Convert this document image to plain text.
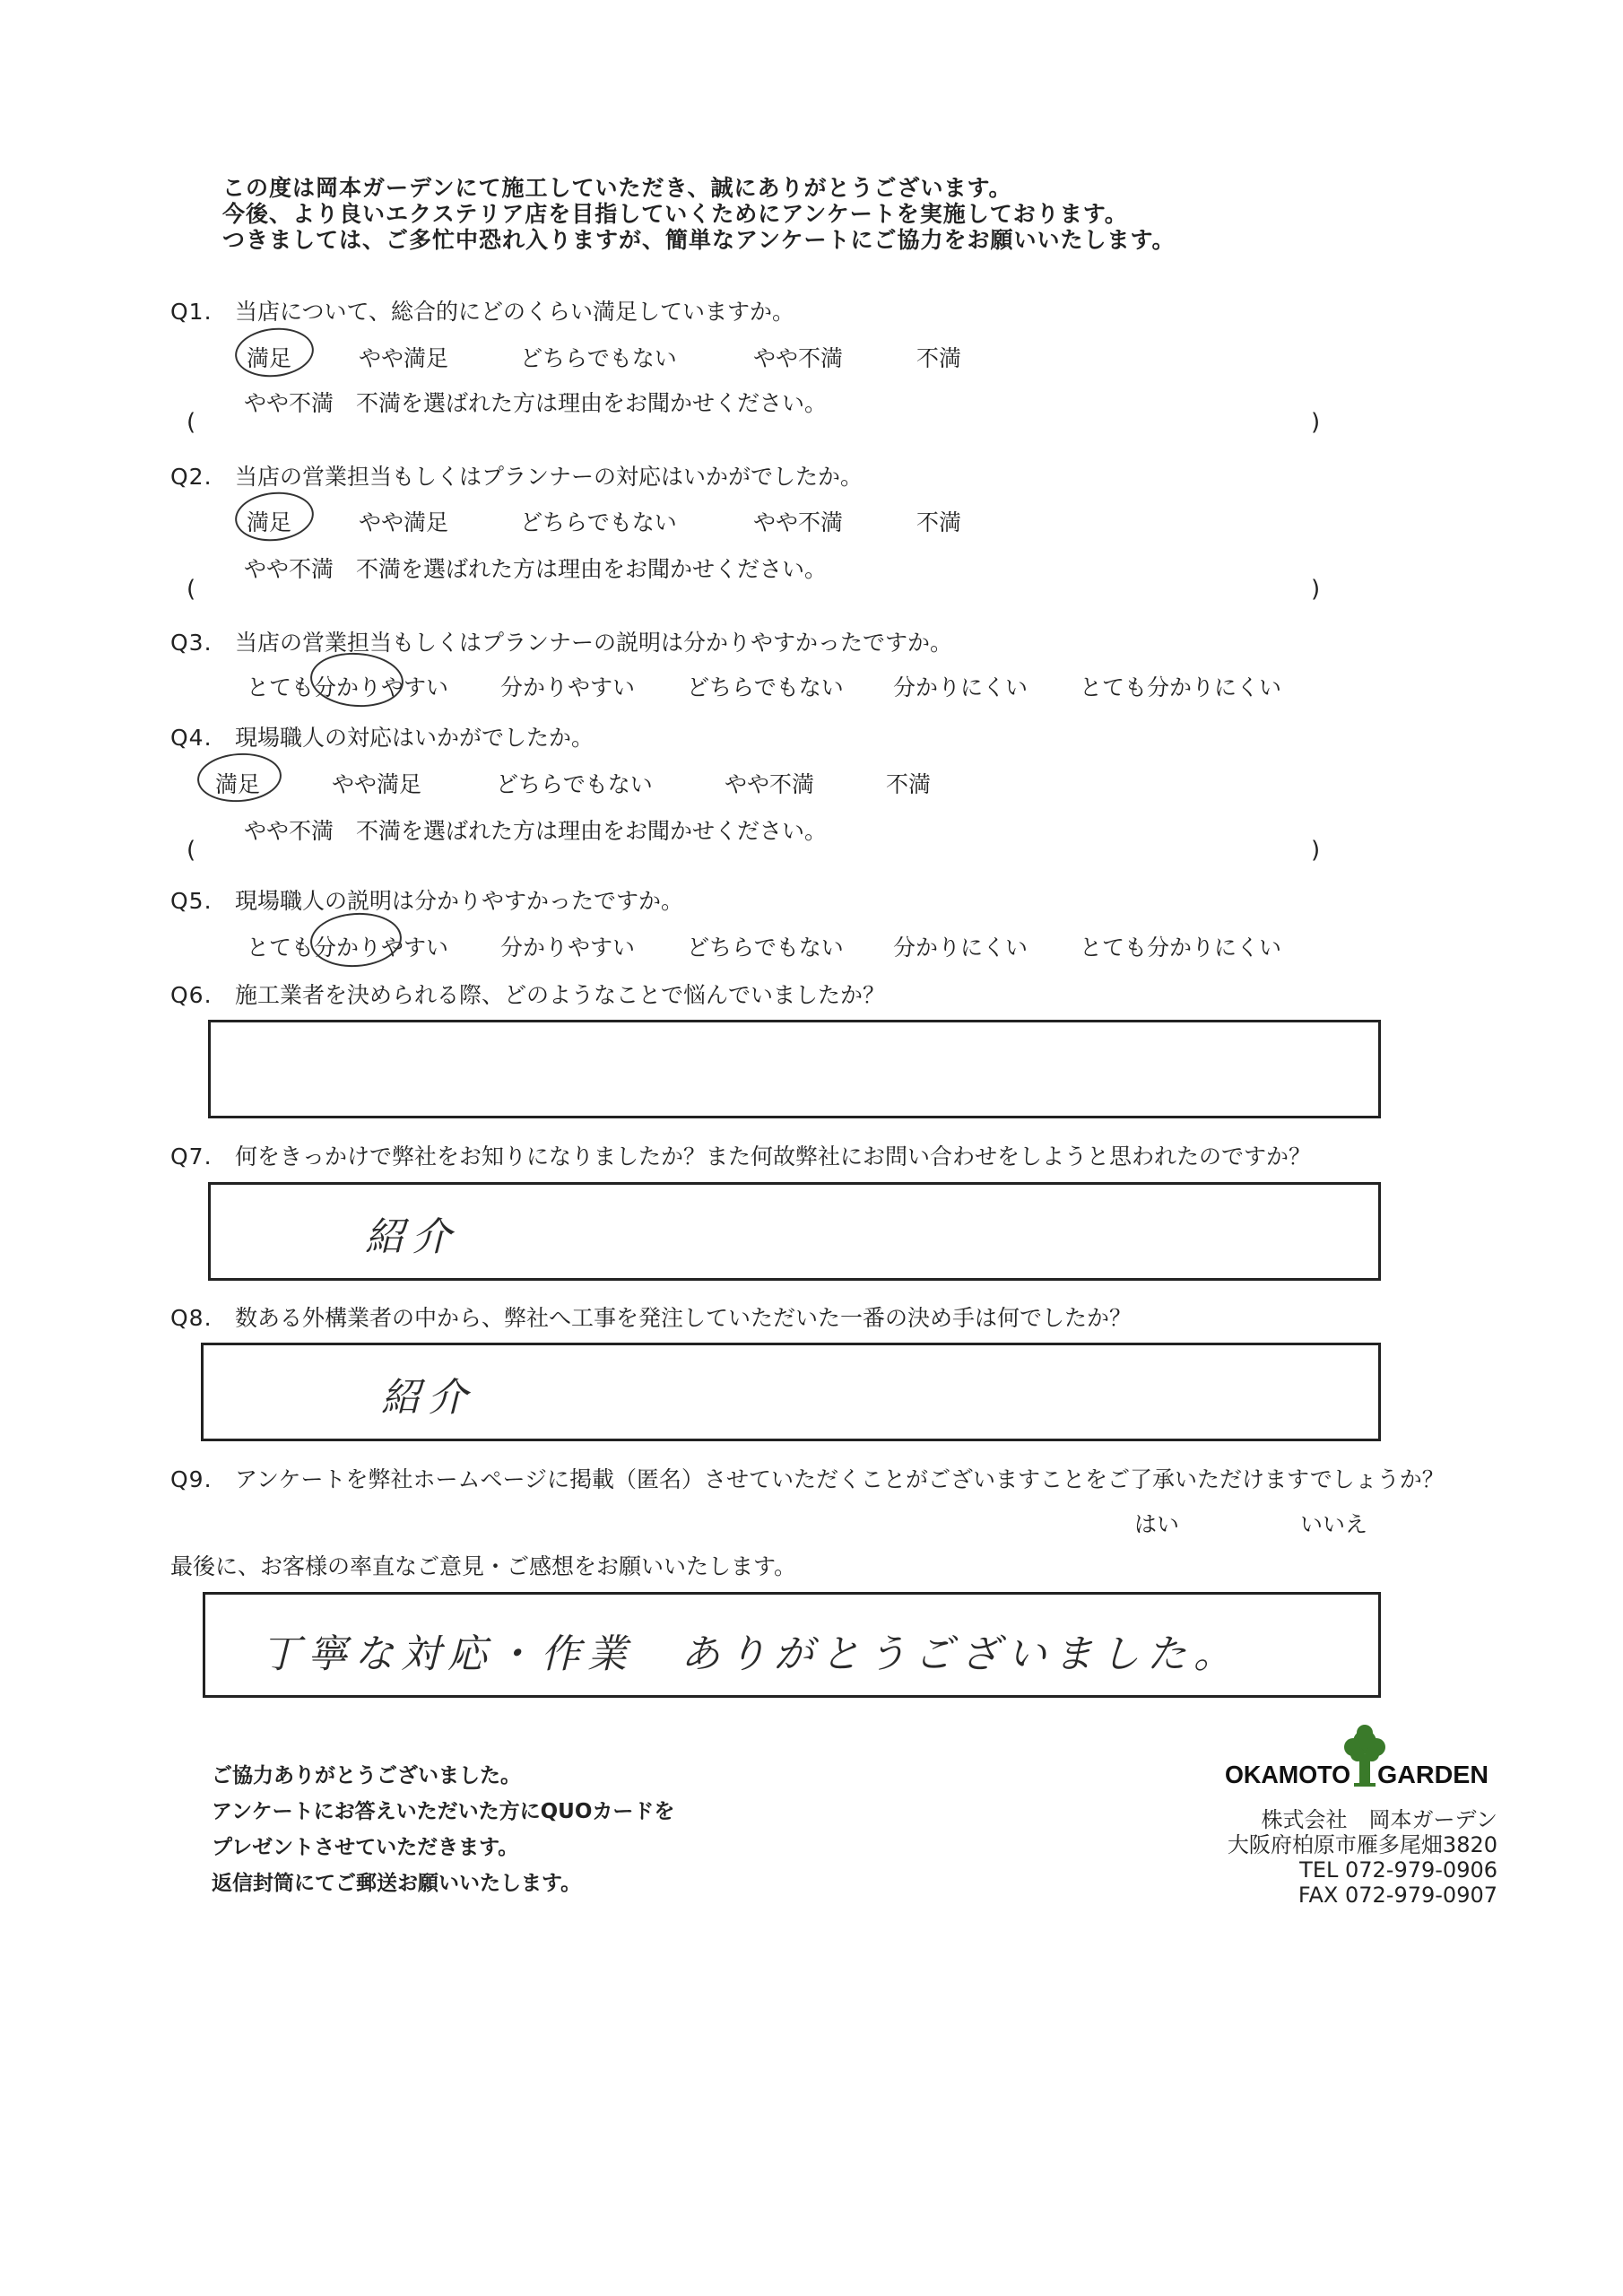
この度は岡本ガーデンにて施工していただき、誠にありがとうございます。
今後、より良いエクステリア店を目指していくためにアンケートを実施しております。
つきましては、ご多忙中恐れ入りますが、簡単なアンケートにご協力をお願いいたします。
Q1. 当店について、総合的にどのくらい満足していますか。
満足	やや満足	どちらでもない	やや不満	不満
やや不満　不満を選ばれた方は理由をお聞かせください。
(	)
Q2. 当店の営業担当もしくはプランナーの対応はいかがでしたか。
満足	やや満足	どちらでもない	やや不満	不満
やや不満　不満を選ばれた方は理由をお聞かせください。
(	)
Q3. 当店の営業担当もしくはプランナーの説明は分かりやすかったですか。
とても分かりやすい 分かりやすい どちらでもない 分かりにくい とても分かりにくい
Q4. 現場職人の対応はいかがでしたか。
満足	やや満足	どちらでもない	やや不満	不満
やや不満　不満を選ばれた方は理由をお聞かせください。
(	)
Q5. 現場職人の説明は分かりやすかったですか。
とても分かりやすい 分かりやすい どちらでもない 分かりにくい とても分かりにくい
Q6. 施工業者を決められる際、どのようなことで悩んでいましたか？
Q7. 何をきっかけで弊社をお知りになりましたか？また何故弊社にお問い合わせをしようと思われたのですか？
紹介
Q8. 数ある外構業者の中から、弊社へ工事を発注していただいた一番の決め手は何でしたか？
紹介
Q9. アンケートを弊社ホームページに掲載（匿名）させていただくことがございますことをご了承いただけますでしょうか？
はい	いいえ
最後に、お客様の率直なご意見・ご感想をお願いいたします。
丁寧な対応・作業　ありがとうございました。
ご協力ありがとうございました。
アンケートにお答えいただいた方にQUOカードを
プレゼントさせていただきます。
返信封筒にてご郵送お願いいたします。
OKAMOTO GARDEN
株式会社　岡本ガーデン
大阪府柏原市雁多尾畑3820
TEL 072-979-0906
FAX 072-979-0907
